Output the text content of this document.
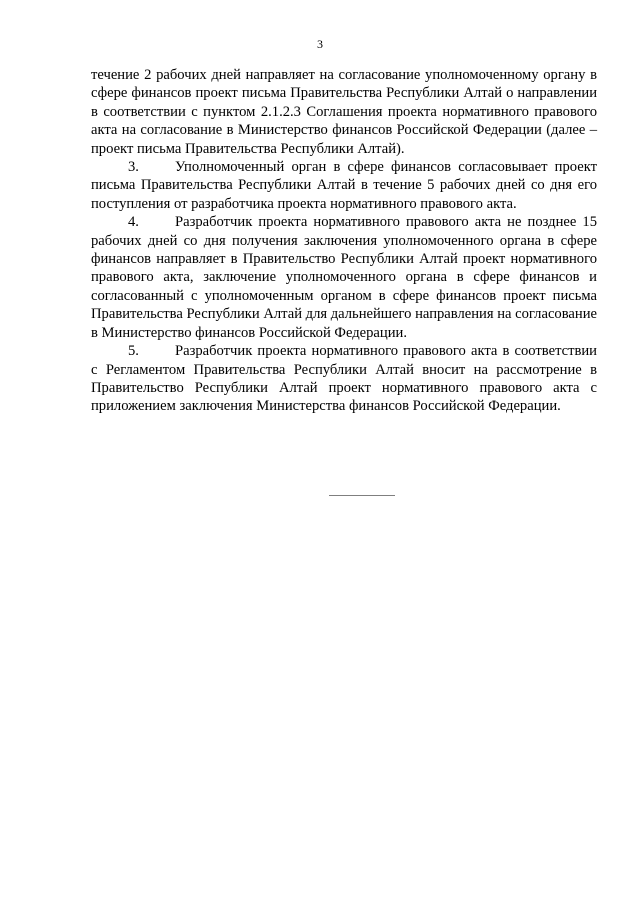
3

течение 2 рабочих дней направляет на согласование уполномоченному органу в сфере финансов проект письма Правительства Республики Алтай о направлении в соответствии с пунктом 2.1.2.3 Соглашения проекта нормативного правового акта на согласование в Министерство финансов Российской Федерации (далее – проект письма Правительства Республики Алтай).

3. Уполномоченный орган в сфере финансов согласовывает проект письма Правительства Республики Алтай в течение 5 рабочих дней со дня его поступления от разработчика проекта нормативного правового акта.

4. Разработчик проекта нормативного правового акта не позднее 15 рабочих дней со дня получения заключения уполномоченного органа в сфере финансов направляет в Правительство Республики Алтай проект нормативного правового акта, заключение уполномоченного органа в сфере финансов и согласованный с уполномоченным органом в сфере финансов проект письма Правительства Республики Алтай для дальнейшего направления на согласование в Министерство финансов Российской Федерации.

5. Разработчик проекта нормативного правового акта в соответствии с Регламентом Правительства Республики Алтай вносит на рассмотрение в Правительство Республики Алтай проект нормативного правового акта с приложением заключения Министерства финансов Российской Федерации.
